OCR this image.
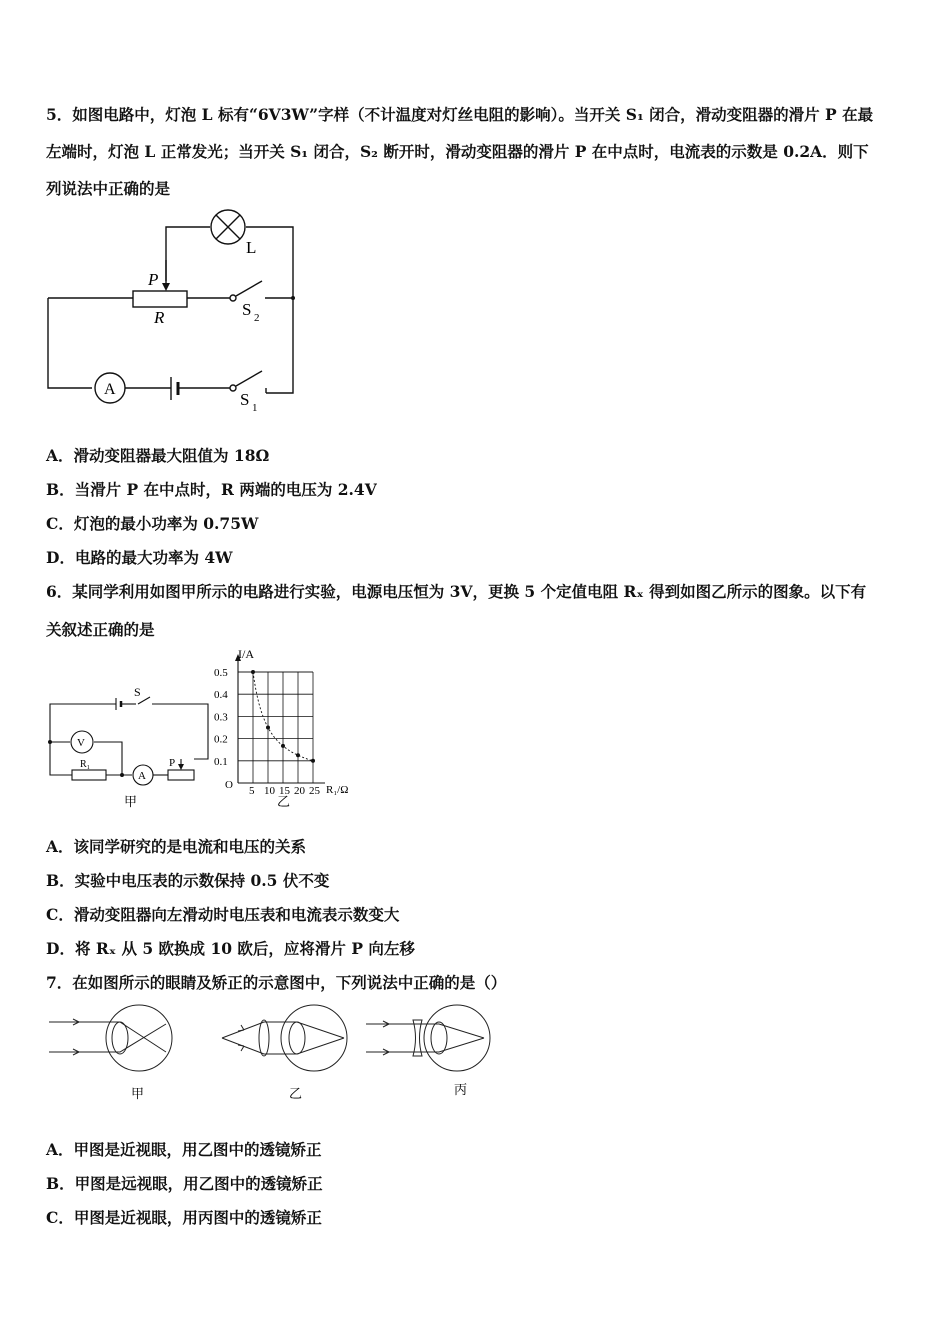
5．如图电路中，灯泡 L 标有“6V3W”字样（不计温度对灯丝电阻的影响）。当开关 S₁ 闭合，滑动变阻器的滑片 P 在最
左端时，灯泡 L 正常发光；当开关 S₁ 闭合，S₂ 断开时，滑动变阻器的滑片 P 在中点时，电流表的示数是 0.2A．则下
列说法中正确的是
P
R
L
S 2
S 1
A
A．滑动变阻器最大阻值为 18Ω
B．当滑片 P 在中点时，R 两端的电压为 2.4V
C．灯泡的最小功率为 0.75W
D．电路的最大功率为 4W
6．某同学利用如图甲所示的电路进行实验，电源电压恒为 3V，更换 5 个定值电阻 Rₓ 得到如图乙所示的图象。以下有
关叙述正确的是
S
V
A
R₁	P
甲
5 10 15 20 25
0.5
0.4
0.3
0.2
0.1
I/A
R₁/Ω
O
乙
A．该同学研究的是电流和电压的关系
B．实验中电压表的示数保持 0.5 伏不变
C．滑动变阻器向左滑动时电压表和电流表示数变大
D．将 Rₓ 从 5 欧换成 10 欧后，应将滑片 P 向左移
7．在如图所示的眼睛及矫正的示意图中，下列说法中正确的是（）
甲	乙	丙
A．甲图是近视眼，用乙图中的透镜矫正
B．甲图是远视眼，用乙图中的透镜矫正
C．甲图是近视眼，用丙图中的透镜矫正
